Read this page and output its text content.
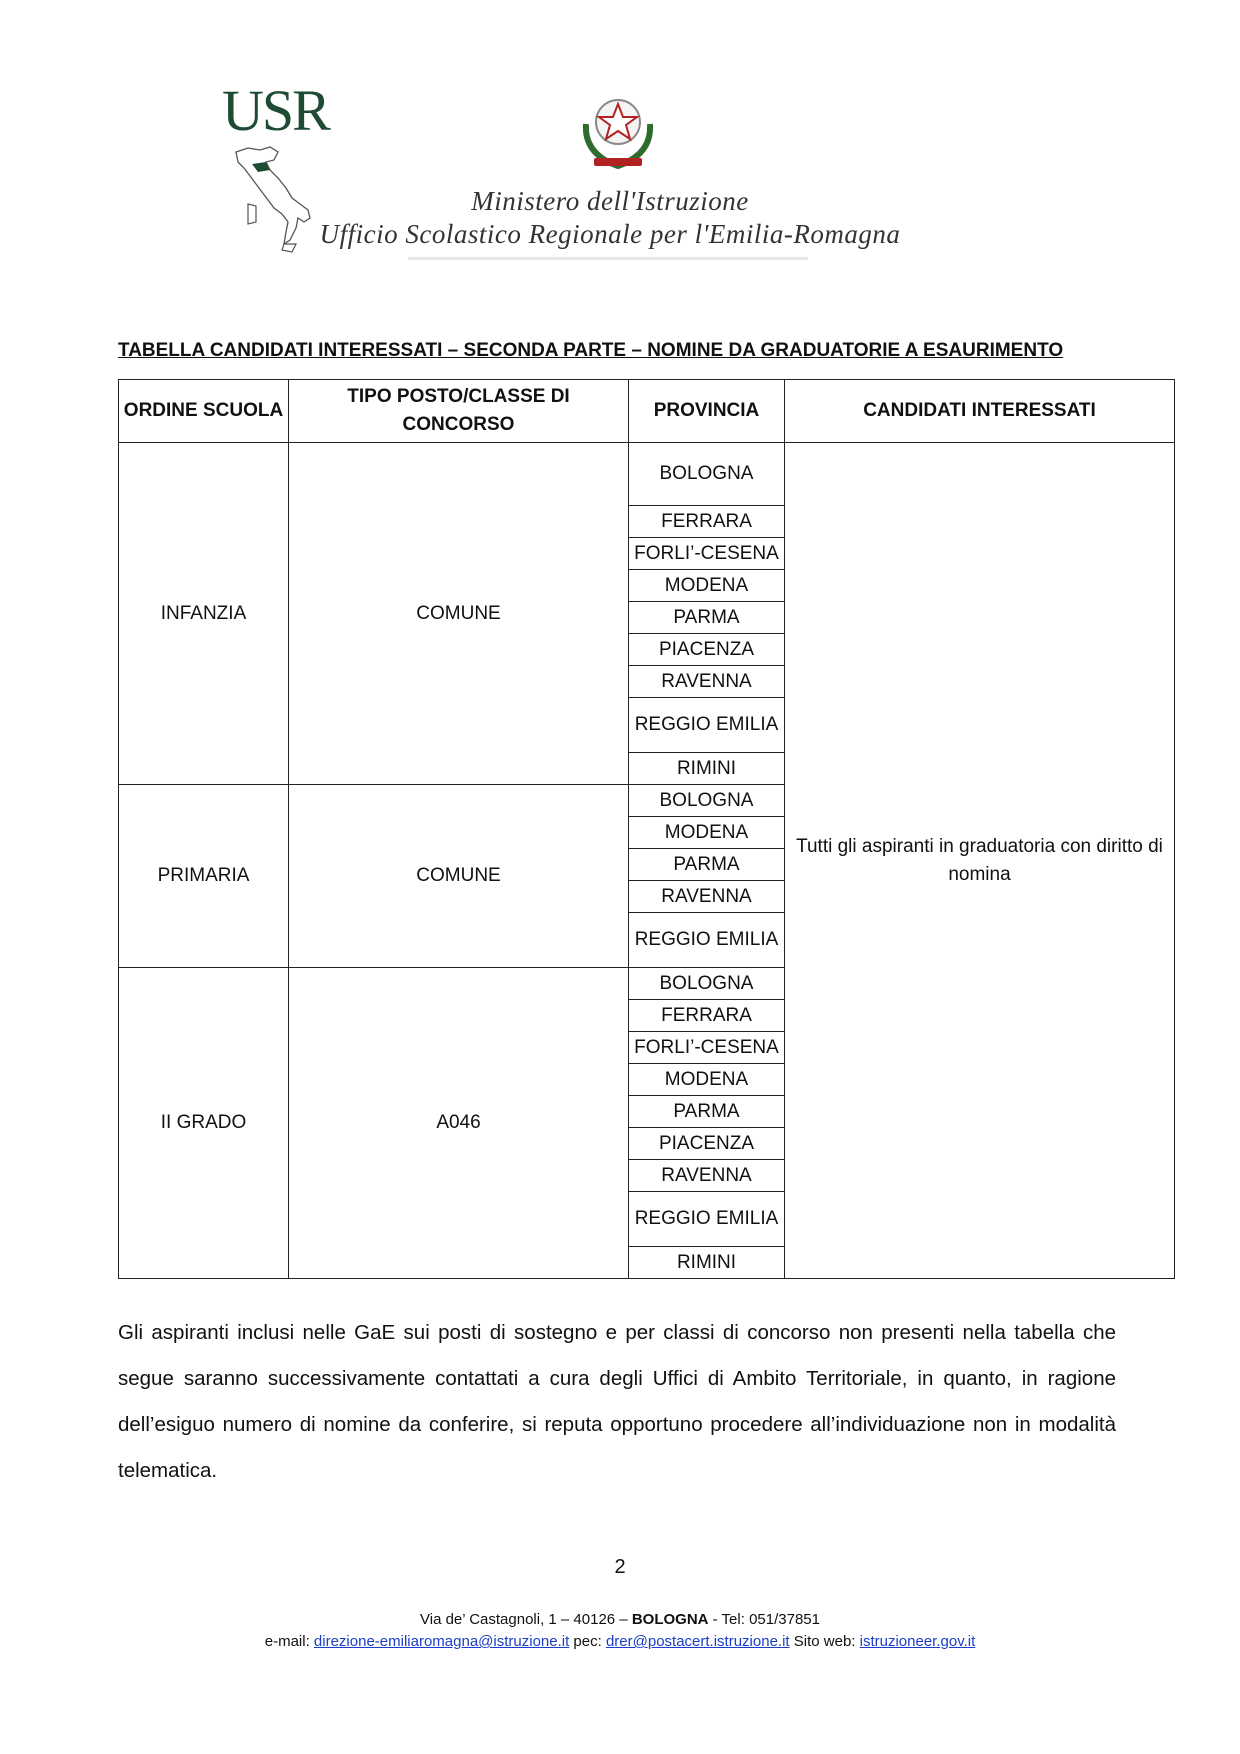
USR
Ministero dell'Istruzione
Ufficio Scolastico Regionale per l'Emilia-Romagna
TABELLA CANDIDATI INTERESSATI – SECONDA PARTE – NOMINE DA GRADUATORIE A ESAURIMENTO
ORDINE SCUOLA	TIPO POSTO/CLASSE DI CONCORSO	PROVINCIA	CANDIDATI INTERESSATI
INFANZIA	COMUNE	BOLOGNA	Tutti gli aspiranti in graduatoria con diritto di nomina
		FERRARA	
		FORLI’-CESENA	
		MODENA	
		PARMA	
		PIACENZA	
		RAVENNA	
		REGGIO EMILIA	
		RIMINI	
PRIMARIA	COMUNE	BOLOGNA	
		MODENA	
		PARMA	
		RAVENNA	
		REGGIO EMILIA	
II GRADO	A046	BOLOGNA	
		FERRARA	
		FORLI’-CESENA	
		MODENA	
		PARMA	
		PIACENZA	
		RAVENNA	
		REGGIO EMILIA	
		RIMINI	
Gli aspiranti inclusi nelle GaE sui posti di sostegno e per classi di concorso non presenti nella tabella che segue saranno successivamente contattati a cura degli Uffici di Ambito Territoriale, in quanto, in ragione dell’esiguo numero di nomine da conferire, si reputa opportuno procedere all’individuazione non in modalità telematica.
2
Via de’ Castagnoli, 1 – 40126 – BOLOGNA - Tel: 051/37851
e-mail: direzione-emiliaromagna@istruzione.it pec: drer@postacert.istruzione.it Sito web: istruzioneer.gov.it
